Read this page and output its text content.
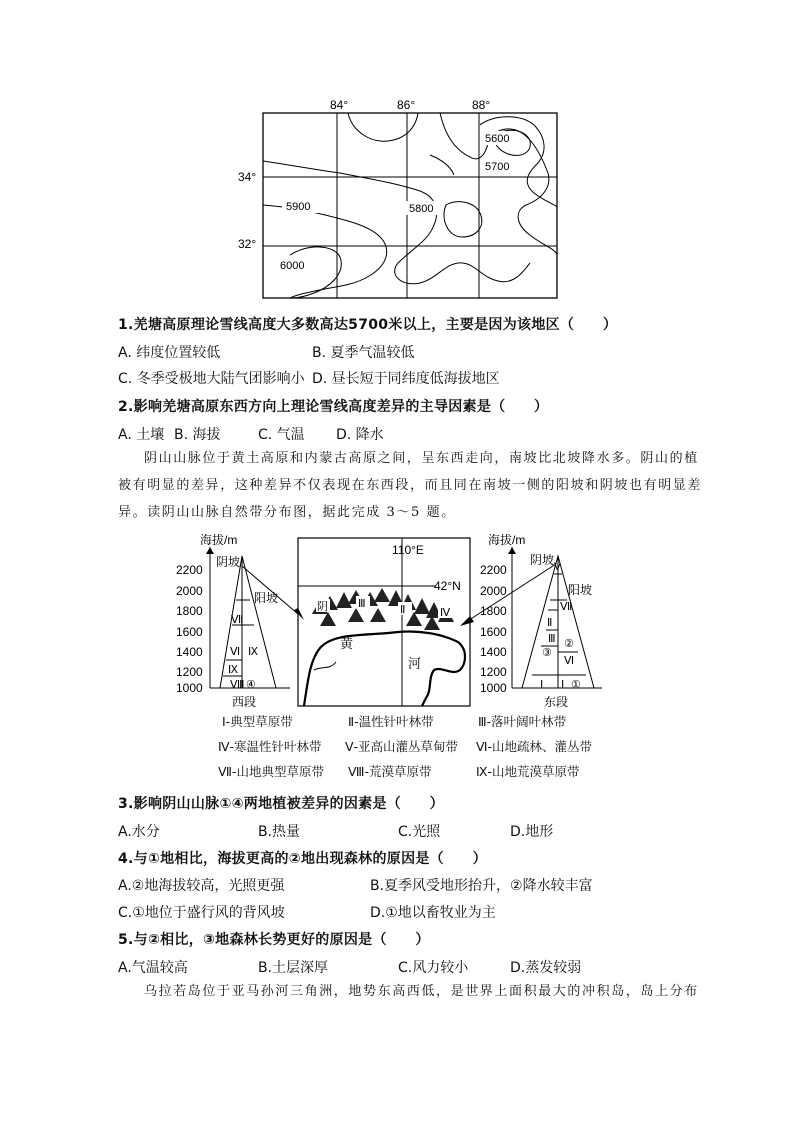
84°	86°	88°
34°
32°
5600
5700
5900	5800
6000
1.羌塘高原理论雪线高度大多数高达5700米以上，主要是因为该地区（　　）
A. 纬度位置较低	B. 夏季气温较低
C. 冬季受极地大陆气团影响小 D. 昼长短于同纬度低海拔地区
2.影响羌塘高原东西方向上理论雪线高度差异的主导因素是（　　）
A. 土壤 B. 海拔	C. 气温 D. 降水
阴山山脉位于黄土高原和内蒙古高原之间，呈东西走向，南坡比北坡降水多。阴山的植
被有明显的差异，这种差异不仅表现在东西段，而且同在南坡一侧的阳坡和阴坡也有明显差
异。读阴山山脉自然带分布图，据此完成 3～5 题。
海拔/m
2200
2000
1800
1600
1400
1200
1000
Ⅶ
Ⅵ Ⅸ
Ⅸ
Ⅷ ④
阴坡
阳坡
西段
110°E
42°N
阴	Ⅲ	Ⅱ	Ⅳ
黄
河
海拔/m
2200
2000
1800
1600
1400
1200
1000
Ⅴ
Ⅶ
Ⅱ
Ⅲ
③
Ⅵ
②
Ⅰ Ⅰ ①
阴坡
阳坡
东段
Ⅰ-典型草原带	Ⅱ-温性针叶林带	Ⅲ-落叶阔叶林带
Ⅳ-寒温性针叶林带 Ⅴ-亚高山灌丛草甸带 Ⅵ-山地疏林、灌丛带
Ⅶ-山地典型草原带 Ⅷ-荒漠草原带	Ⅸ-山地荒漠草原带
3.影响阴山山脉①④两地植被差异的因素是（　　）
A.水分	B.热量	C.光照	D.地形
4.与①地相比，海拔更高的②地出现森林的原因是（　　）
A.②地海拔较高，光照更强	B.夏季风受地形抬升，②降水较丰富
C.①地位于盛行风的背风坡	D.①地以畜牧业为主
5.与②相比，③地森林长势更好的原因是（　　）
A.气温较高	B.土层深厚	C.风力较小	D.蒸发较弱
乌拉若岛位于亚马孙河三角洲，地势东高西低，是世界上面积最大的冲积岛，岛上分布
